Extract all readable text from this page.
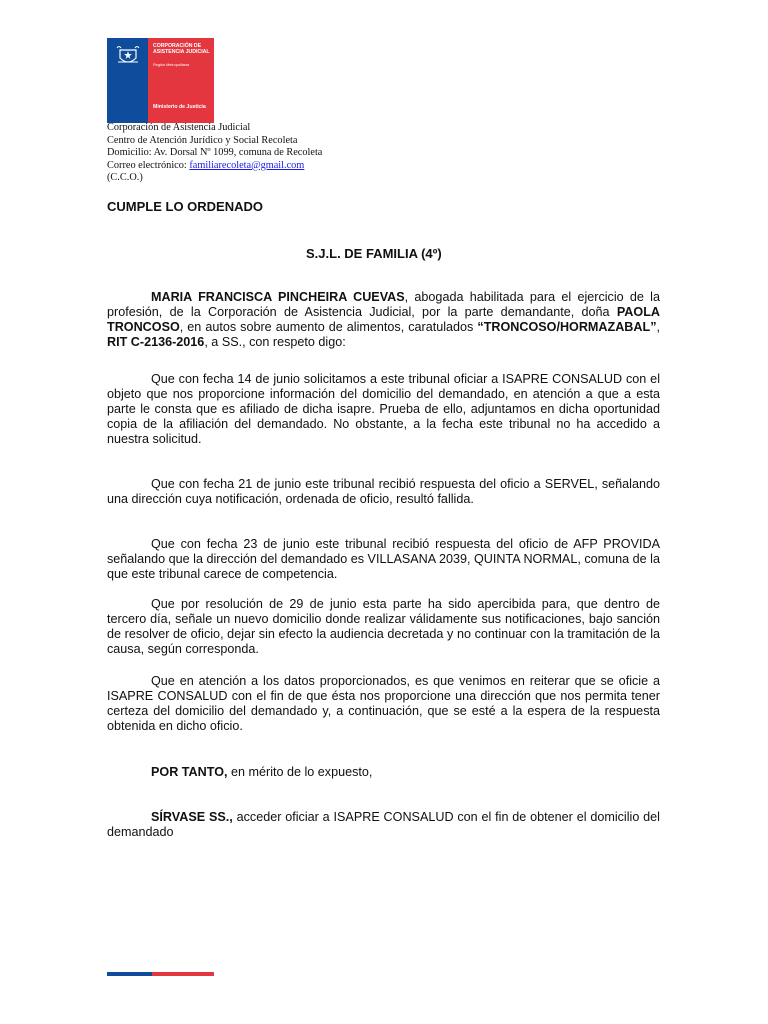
CORPORACIÓN DE ASISTENCIA JUDICIAL
Región Metropolitana
Ministerio de Justicia
Corporación de Asistencia Judicial
Centro de Atención Jurídico y Social Recoleta
Domicilio: Av. Dorsal Nº 1099, comuna de Recoleta
Correo electrónico: familiarecoleta@gmail.com
(C.C.O.)
CUMPLE LO ORDENADO
S.J.L. DE FAMILIA (4º)
MARIA FRANCISCA PINCHEIRA CUEVAS, abogada habilitada para el ejercicio de la profesión, de la Corporación de Asistencia Judicial, por la parte demandante, doña PAOLA TRONCOSO, en autos sobre aumento de alimentos, caratulados “TRONCOSO/HORMAZABAL”, RIT C-2136-2016, a SS., con respeto digo:
Que con fecha 14 de junio solicitamos a este tribunal oficiar a ISAPRE CONSALUD con el objeto que nos proporcione información del domicilio del demandado, en atención a que a esta parte le consta que es afiliado de dicha isapre. Prueba de ello, adjuntamos en dicha oportunidad copia de la afiliación del demandado. No obstante, a la fecha este tribunal no ha accedido a nuestra solicitud.
Que con fecha 21 de junio este tribunal recibió respuesta del oficio a SERVEL, señalando una dirección cuya notificación, ordenada de oficio, resultó fallida.
Que con fecha 23 de junio este tribunal recibió respuesta del oficio de AFP PROVIDA señalando que la dirección del demandado es VILLASANA 2039, QUINTA NORMAL, comuna de la que este tribunal carece de competencia.
Que por resolución de 29 de junio esta parte ha sido apercibida para, que dentro de tercero día, señale un nuevo domicilio donde realizar válidamente sus notificaciones, bajo sanción de resolver de oficio, dejar sin efecto la audiencia decretada y no continuar con la tramitación de la causa, según corresponda.
Que en atención a los datos proporcionados, es que venimos en reiterar que se oficie a ISAPRE CONSALUD con el fin de que ésta nos proporcione una dirección que nos permita tener certeza del domicilio del demandado y, a continuación, que se esté a la espera de la respuesta obtenida en dicho oficio.
POR TANTO, en mérito de lo expuesto,
SÍRVASE SS., acceder oficiar a ISAPRE CONSALUD con el fin de obtener el domicilio del demandado
